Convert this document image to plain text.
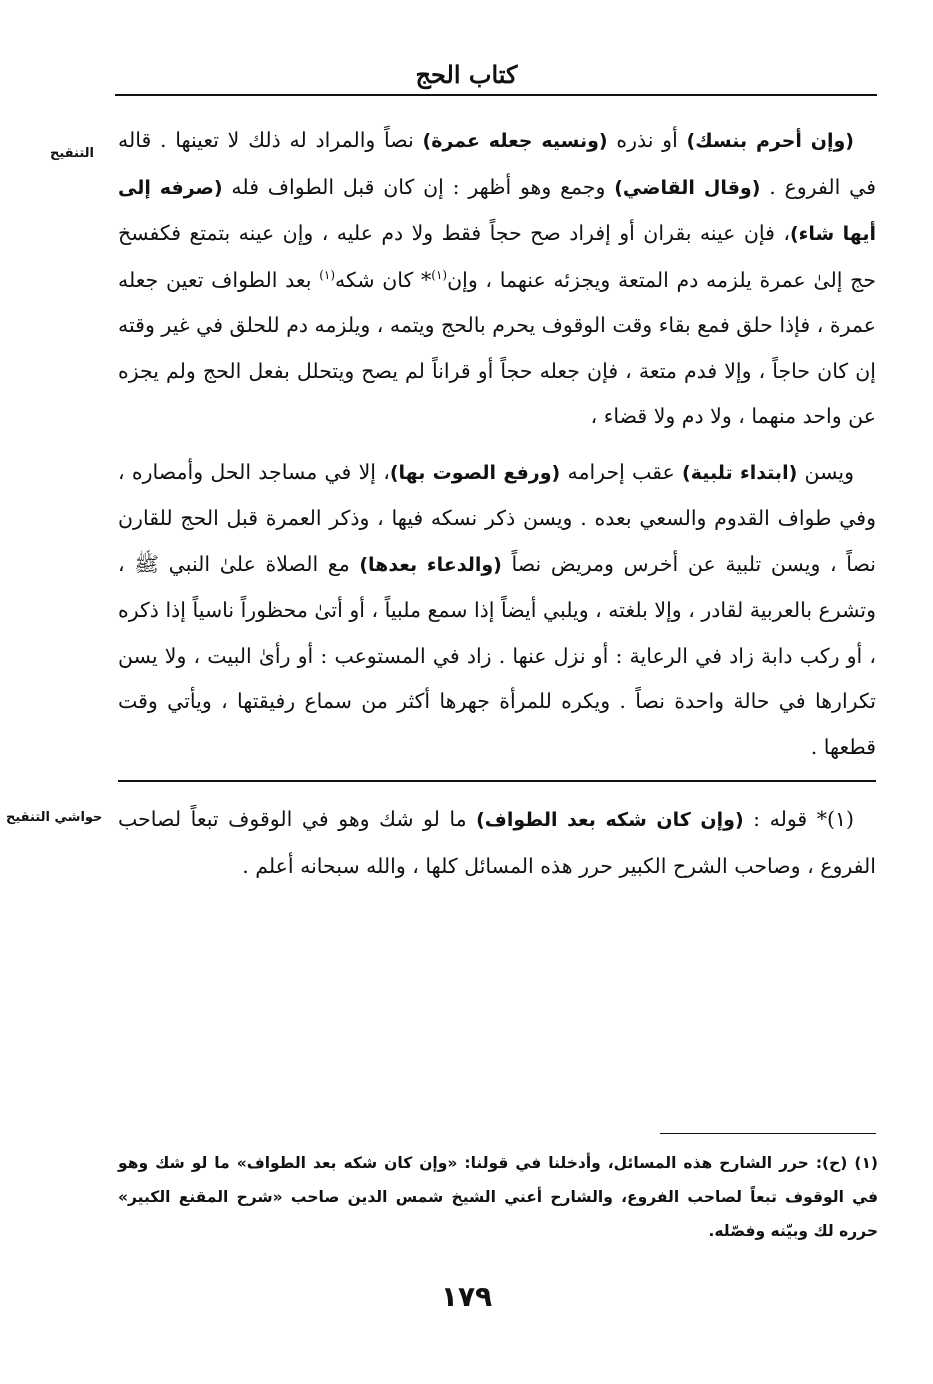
كتاب الحج
التنقيح

(وإن أحرم بنسك) أو نذره (ونسيه جعله عمرة) نصاً والمراد له ذلك لا تعينها . قاله في الفروع . (وقال القاضي) وجمع وهو أظهر : إن كان قبل الطواف فله (صرفه إلى أيها شاء)، فإن عينه بقران أو إفراد صح حجاً فقط ولا دم عليه ، وإن عينه بتمتع فكفسخ حج إلىٰ عمرة يلزمه دم المتعة ويجزئه عنهما ، وإن$^{(١)}$* كان شكه$^{(١)}$ بعد الطواف تعين جعله عمرة ، فإذا حلق فمع بقاء وقت الوقوف يحرم بالحج ويتمه ، ويلزمه دم للحلق في غير وقته إن كان حاجاً ، وإلا فدم متعة ، فإن جعله حجاً أو قراناً لم يصح ويتحلل بفعل الحج ولم يجزه عن واحد منهما ، ولا دم ولا قضاء ،

ويسن (ابتداء تلبية) عقب إحرامه (ورفع الصوت بها)، إلا في مساجد الحل وأمصاره ، وفي طواف القدوم والسعي بعده . ويسن ذكر نسكه فيها ، وذكر العمرة قبل الحج للقارن نصاً ، ويسن تلبية عن أخرس ومريض نصاً (والدعاء بعدها) مع الصلاة علىٰ النبي ﷺ ، وتشرع بالعربية لقادر ، وإلا بلغته ، ويلبي أيضاً إذا سمع ملبياً ، أو أتىٰ محظوراً ناسياً إذا ذكره ، أو ركب دابة زاد في الرعاية : أو نزل عنها . زاد في المستوعب : أو رأىٰ البيت ، ولا يسن تكرارها في حالة واحدة نصاً . ويكره للمرأة جهرها أكثر من سماع رفيقتها ، ويأتي وقت قطعها .

حواشي التنقيح	(١)* قوله : (وإن كان شكه بعد الطواف) ما لو شك وهو في الوقوف تبعاً لصاحب الفروع ، وصاحب الشرح الكبير حرر هذه المسائل كلها ، والله سبحانه أعلم .

(١) (ح): حرر الشارح هذه المسائل، وأدخلنا في قولنا: «وإن كان شكه بعد الطواف» ما لو شك وهو في الوقوف تبعاً لصاحب الفروع، والشارح أعني الشيخ شمس الدين صاحب «شرح المقنع الكبير» حرره لك وبيّنه وفصّله.
١٧٩
